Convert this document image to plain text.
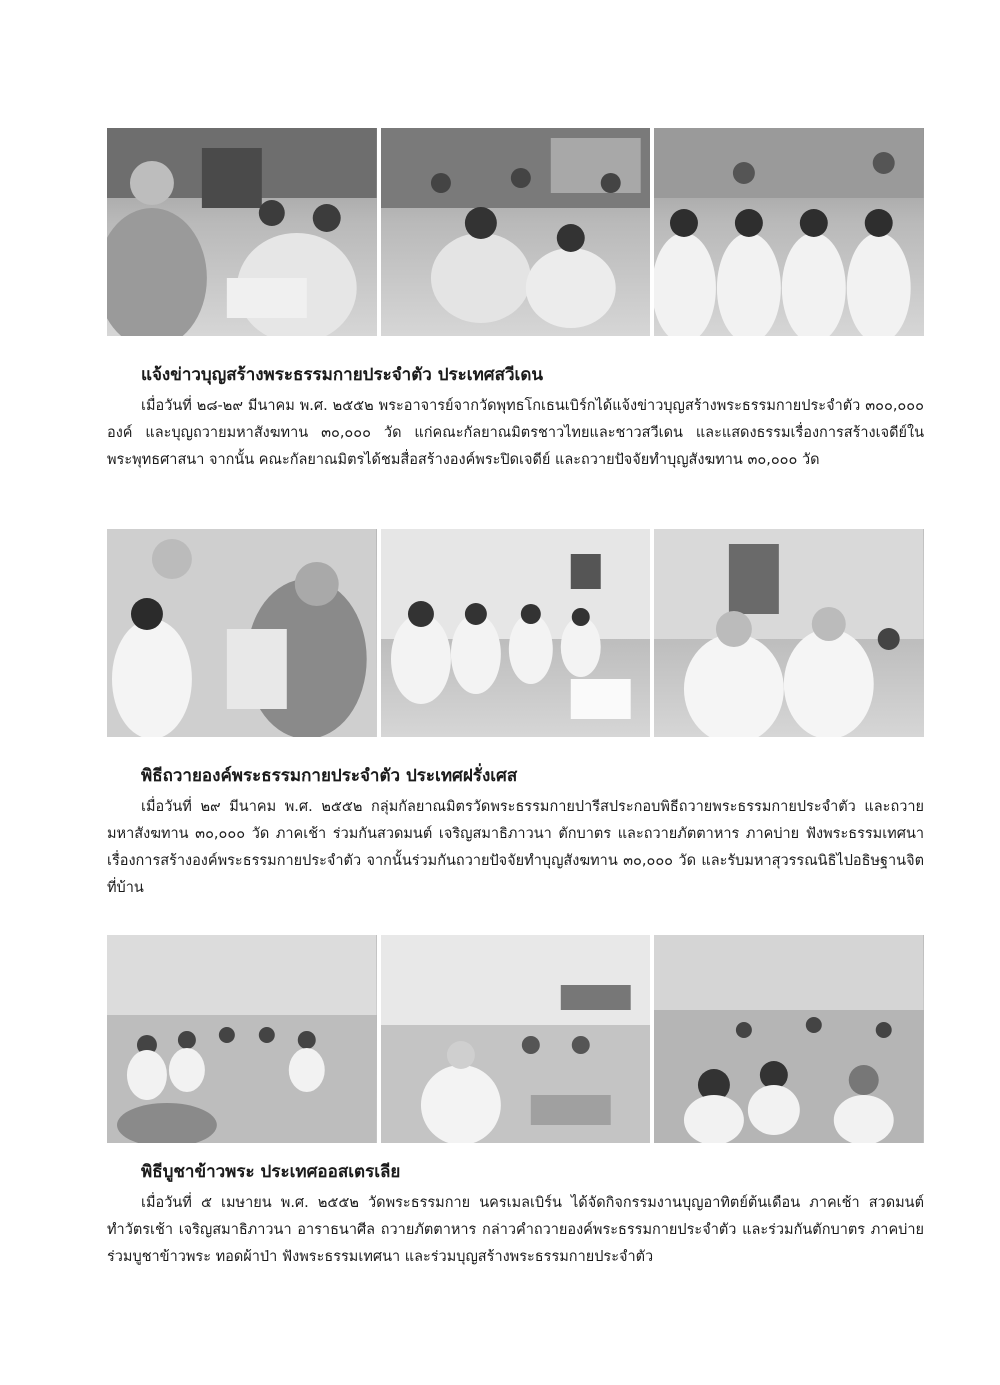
แจ้งข่าวบุญสร้างพระธรรมกายประจำตัว ประเทศสวีเดน

เมื่อวันที่ ๒๘-๒๙ มีนาคม พ.ศ. ๒๕๕๒ พระอาจารย์จากวัดพุทธโกเธนเบิร์กได้แจ้งข่าวบุญสร้างพระธรรมกายประจำตัว ๓๐๐,๐๐๐ องค์ และบุญถวายมหาสังฆทาน ๓๐,๐๐๐ วัด แก่คณะกัลยาณมิตรชาวไทยและชาวสวีเดน และแสดงธรรมเรื่องการสร้างเจดีย์ในพระพุทธศาสนา จากนั้น คณะกัลยาณมิตรได้ชมสื่อสร้างองค์พระปิดเจดีย์ และถวายปัจจัยทำบุญสังฆทาน ๓๐,๐๐๐ วัด

พิธีถวายองค์พระธรรมกายประจำตัว ประเทศฝรั่งเศส

เมื่อวันที่ ๒๙ มีนาคม พ.ศ. ๒๕๕๒ กลุ่มกัลยาณมิตรวัดพระธรรมกายปารีสประกอบพิธีถวายพระธรรมกายประจำตัว และถวายมหาสังฆทาน ๓๐,๐๐๐ วัด ภาคเช้า ร่วมกันสวดมนต์ เจริญสมาธิภาวนา ตักบาตร และถวายภัตตาหาร ภาคบ่าย ฟังพระธรรมเทศนาเรื่องการสร้างองค์พระธรรมกายประจำตัว จากนั้นร่วมกันถวายปัจจัยทำบุญสังฆทาน ๓๐,๐๐๐ วัด และรับมหาสุวรรณนิธิไปอธิษฐานจิตที่บ้าน

พิธีบูชาข้าวพระ ประเทศออสเตรเลีย

เมื่อวันที่ ๕ เมษายน พ.ศ. ๒๕๕๒ วัดพระธรรมกาย นครเมลเบิร์น ได้จัดกิจกรรมงานบุญอาทิตย์ต้นเดือน ภาคเช้า สวดมนต์ทำวัตรเช้า เจริญสมาธิภาวนา อาราธนาศีล ถวายภัตตาหาร กล่าวคำถวายองค์พระธรรมกายประจำตัว และร่วมกันตักบาตร ภาคบ่าย ร่วมบูชาข้าวพระ ทอดผ้าป่า ฟังพระธรรมเทศนา และร่วมบุญสร้างพระธรรมกายประจำตัว
